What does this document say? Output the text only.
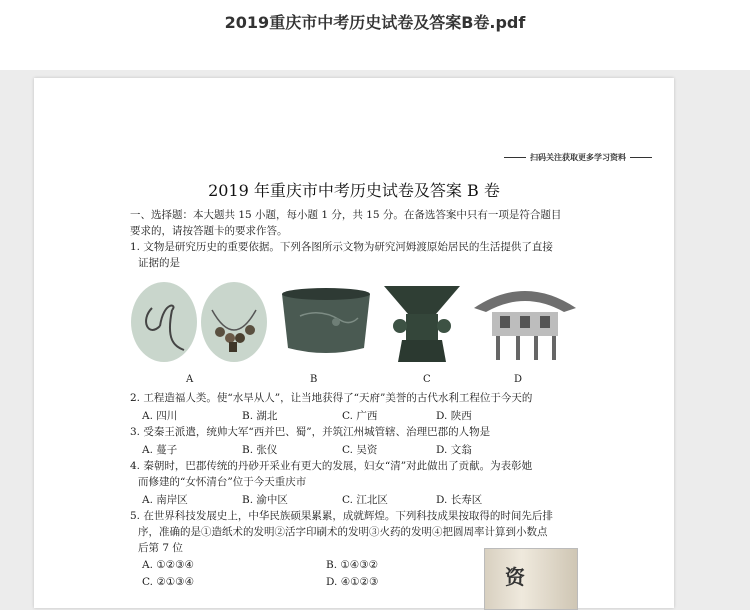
2019重庆市中考历史试卷及答案B卷.pdf
扫码关注获取更多学习资料
2019 年重庆市中考历史试卷及答案 B 卷
一、选择题：本大题共 15 小题，每小题 1 分，共 15 分。在备选答案中只有一项是符合题目
要求的，请按答题卡的要求作答。
1. 文物是研究历史的重要依据。下列各图所示文物为研究河姆渡原始居民的生活提供了直接
证据的是
A	B	C	D
2. 工程造福人类。使“水旱从人”，让当地获得了“天府”美誉的古代水利工程位于今天的
A. 四川	B. 湖北	C. 广西	D. 陕西
3. 受秦王派遣，统帅大军“西并巴、蜀”，并筑江州城管辖、治理巴郡的人物是
A. 蔓子	B. 张仪	C. 吴资	D. 文翁
4. 秦朝时，巴郡传统的丹砂开采业有更大的发展，妇女“清”对此做出了贡献。为表彰她
而修建的“女怀清台”位于今天重庆市
A. 南岸区	B. 渝中区	C. 江北区	D. 长寿区
5. 在世界科技发展史上，中华民族硕果累累，成就辉煌。下列科技成果按取得的时间先后排
序，准确的是①造纸术的发明②活字印刷术的发明③火药的发明④把圆周率计算到小数点
后第 7 位
A. ①②③④	B. ①④③②
C. ②①③④	D. ④①②③	资
